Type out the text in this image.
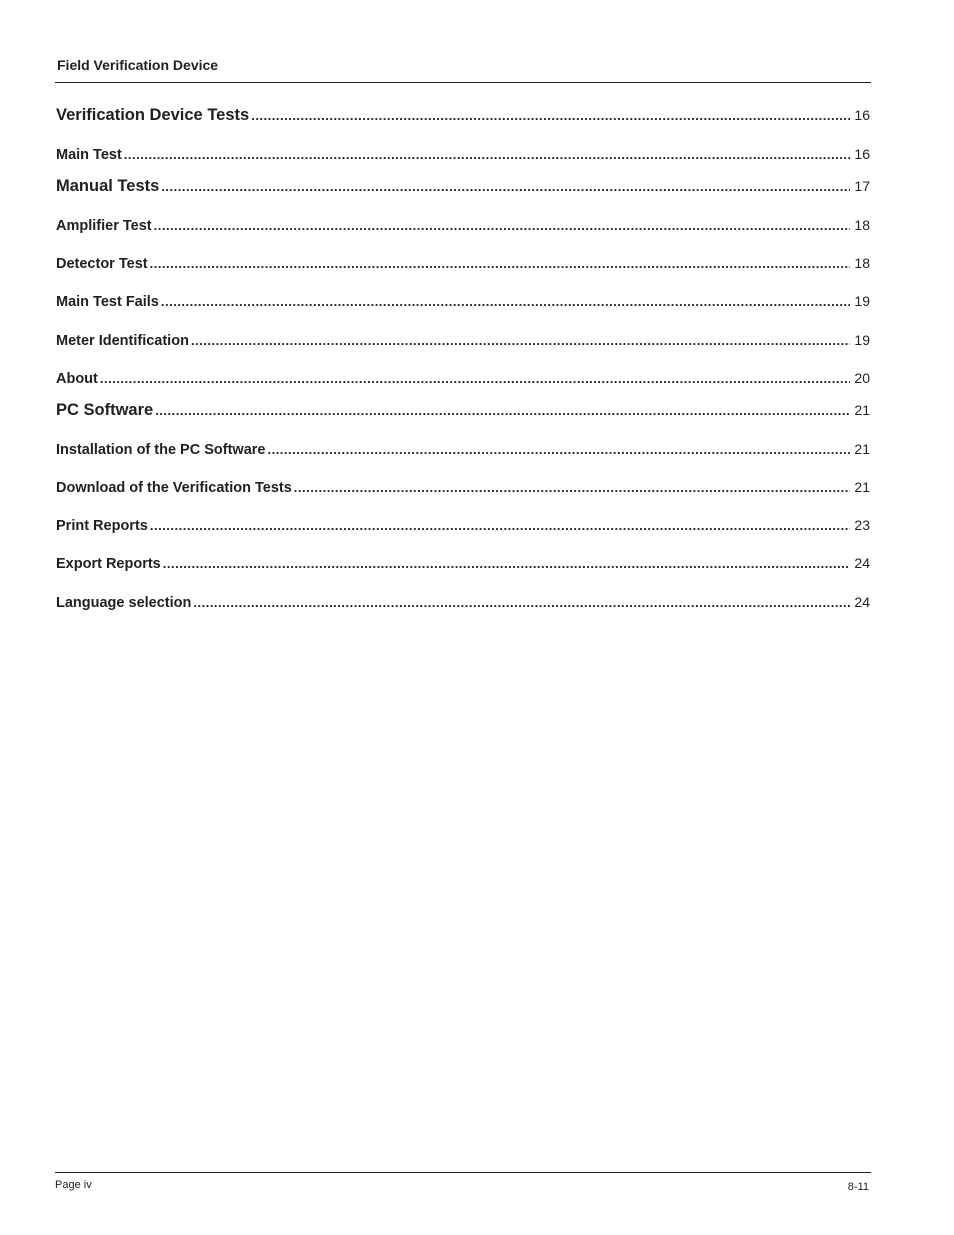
Field Verification Device
Verification Device Tests .....	16
Main Test .....	16
Manual Tests .....	17
Amplifier Test .....	18
Detector Test .....	18
Main Test Fails .....	19
Meter Identification .....	19
About .....	20
PC Software .....	21
Installation of the PC Software .....	21
Download of the Verification Tests .....	21
Print Reports .....	23
Export Reports .....	24
Language selection .....	24
Page iv	8-11
